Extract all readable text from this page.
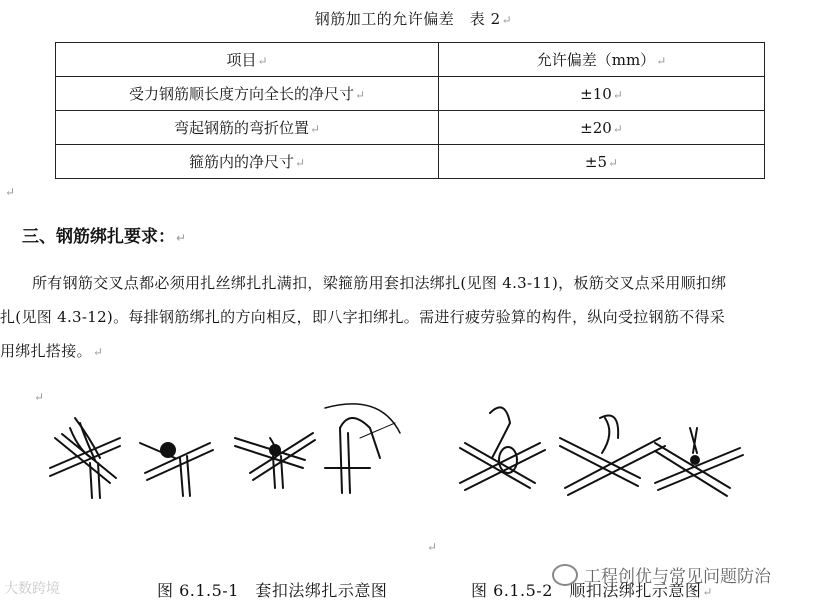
钢筋加工的允许偏差　表 2↵
项目↵	允许偏差（mm）↵
受力钢筋顺长度方向全长的净尺寸↵	±10↵
弯起钢筋的弯折位置↵	±20↵
箍筋内的净尺寸↵	±5↵
↵
三、钢筋绑扎要求：↵
所有钢筋交叉点都必须用扎丝绑扎扎满扣，梁箍筋用套扣法绑扎(见图 4.3-11)，板筋交叉点采用顺扣绑
扎(见图 4.3-12)。每排钢筋绑扎的方向相反，即八字扣绑扎。需进行疲劳验算的构件，纵向受拉钢筋不得采
用绑扎搭接。↵
↵
↵
图 6.1.5-1　套扣法绑扎示意图	图 6.1.5-2　顺扣法绑扎示意图↵
大数跨境
工程创优与常见问题防治
